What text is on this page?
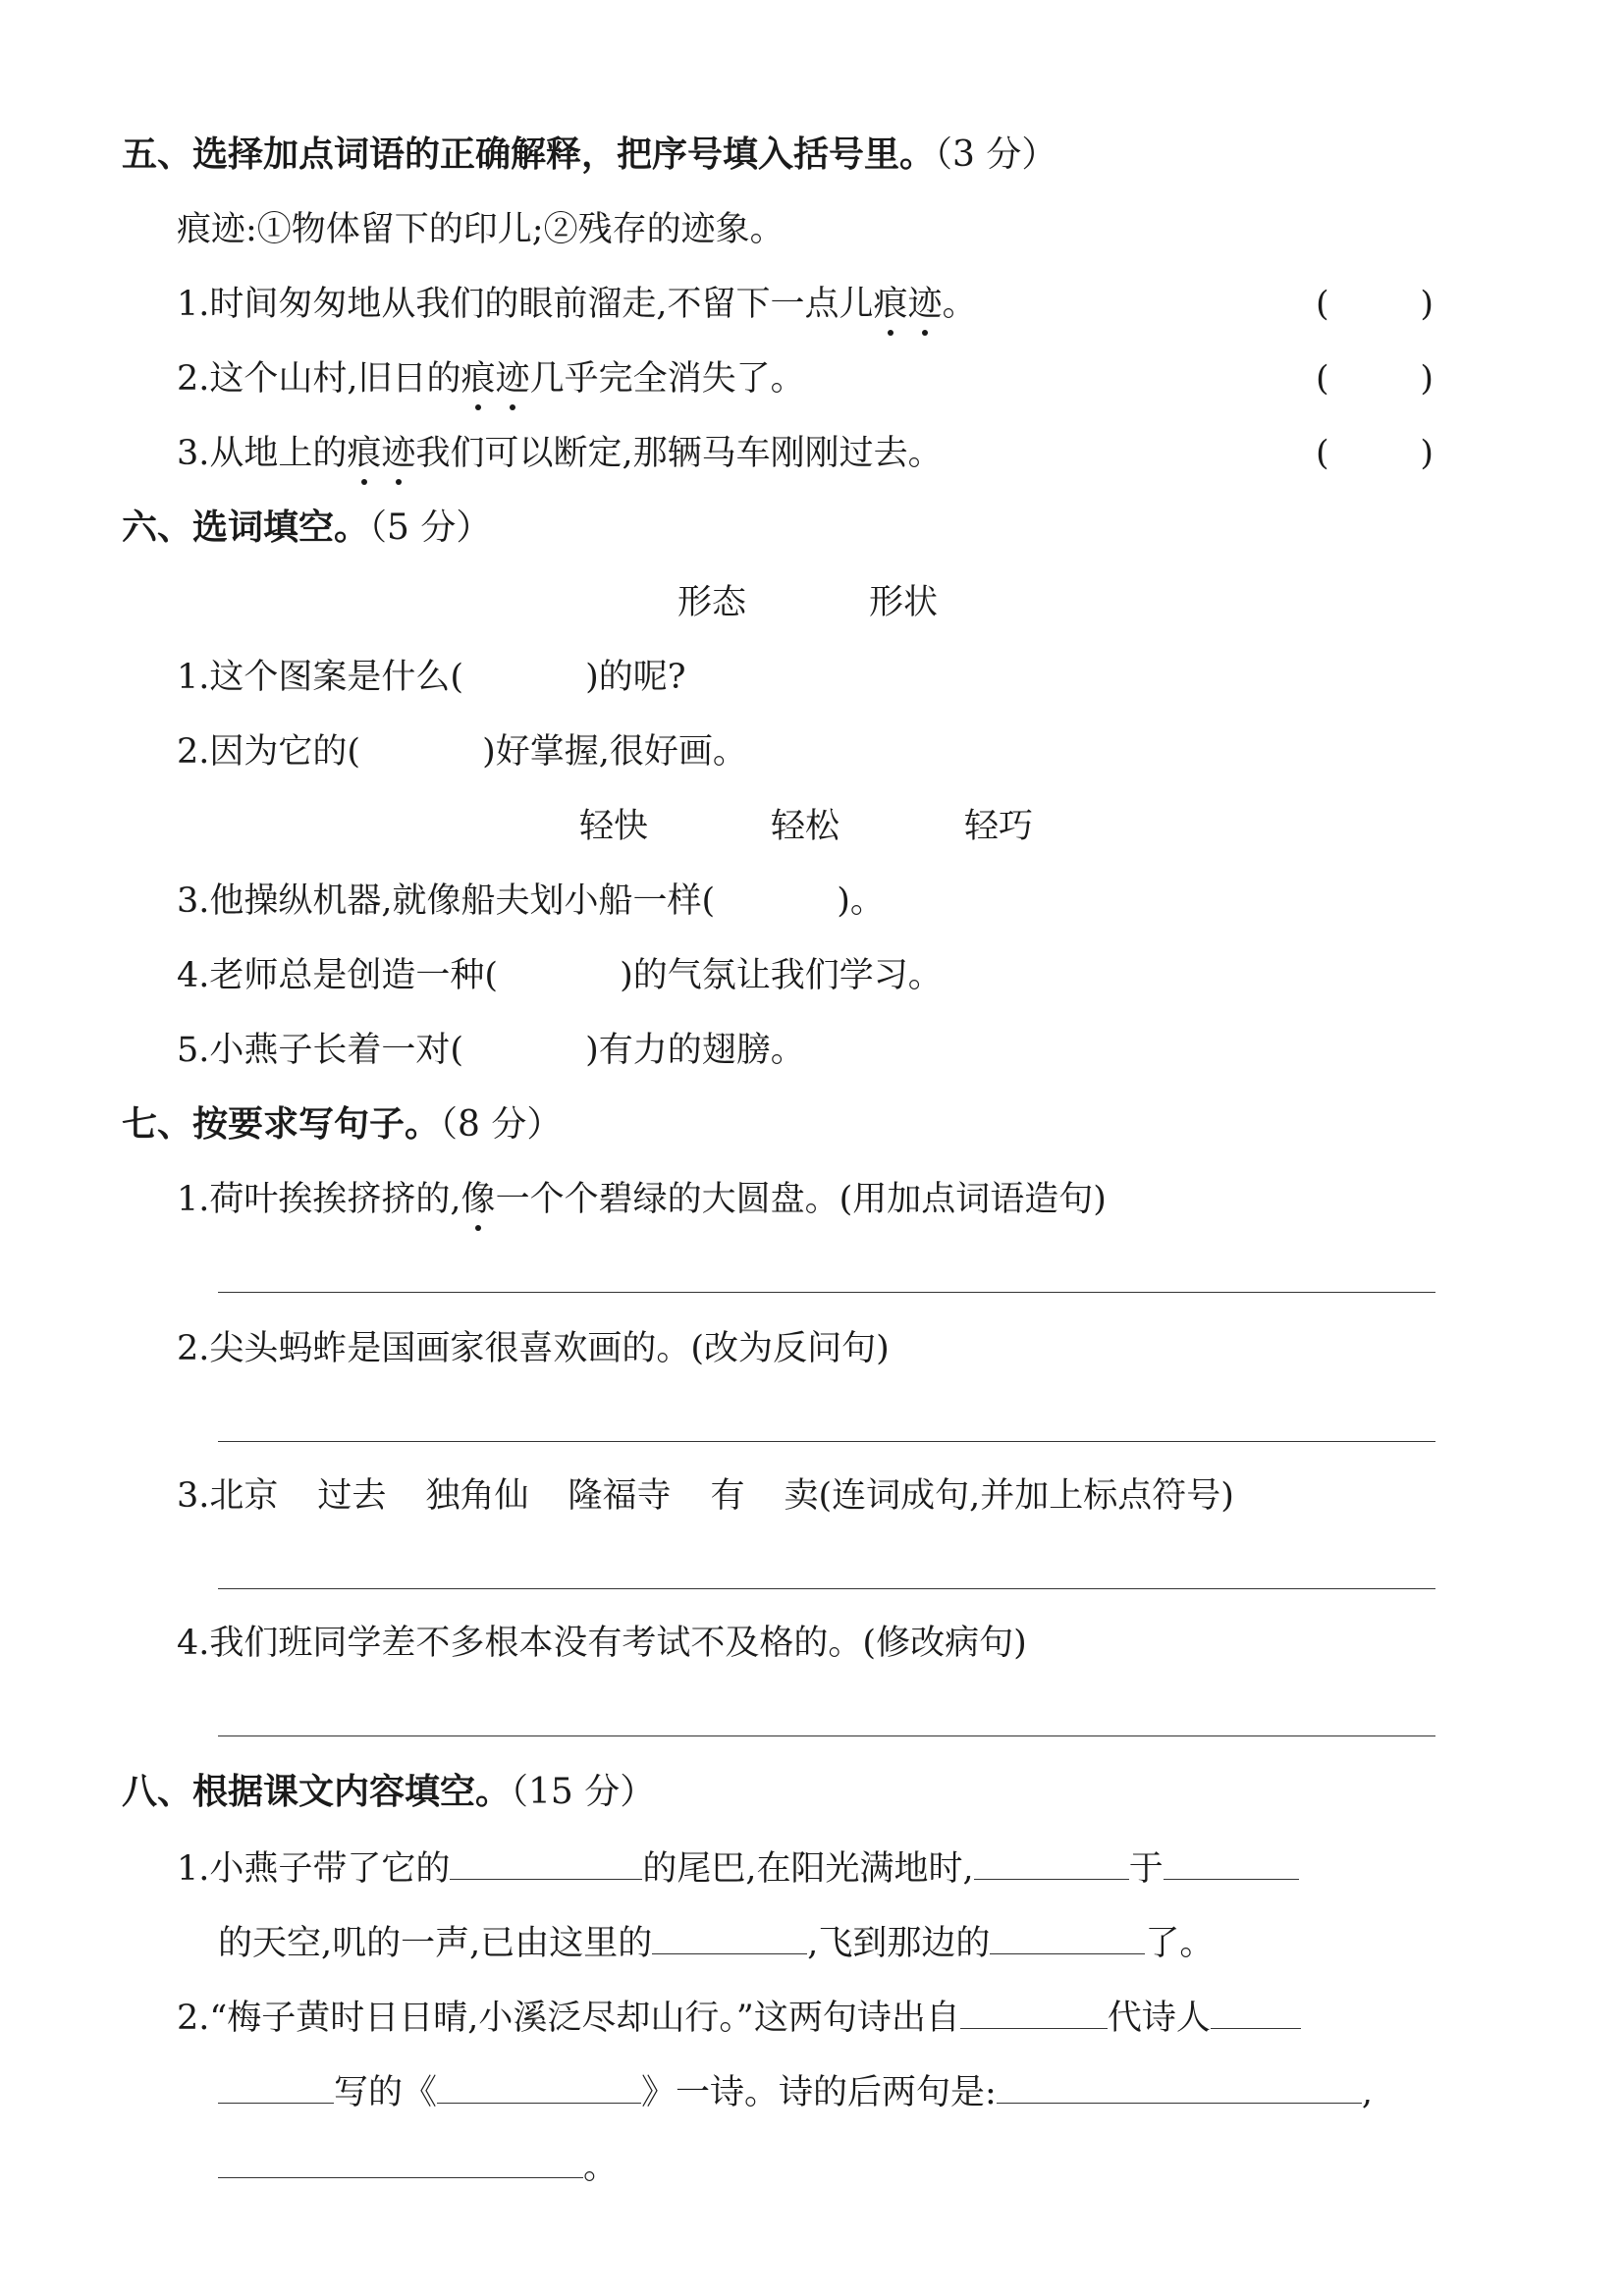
五、选择加点词语的正确解释，把序号填入括号里。（3 分）
痕迹:①物体留下的印儿;②残存的迹象。
1.时间匆匆地从我们的眼前溜走,不留下一点儿痕迹。	(	)
2.这个山村,旧日的痕迹几乎完全消失了。	(	)
3.从地上的痕迹我们可以断定,那辆马车刚刚过去。	(	)
六、选词填空。（5 分）
形态	形状
1.这个图案是什么(	)的呢?
2.因为它的(	)好掌握,很好画。
轻快	轻松	轻巧
3.他操纵机器,就像船夫划小船一样(	)。
4.老师总是创造一种(	)的气氛让我们学习。
5.小燕子长着一对(	)有力的翅膀。
七、按要求写句子。（8 分）
1.荷叶挨挨挤挤的,像一个个碧绿的大圆盘。(用加点词语造句)
2.尖头蚂蚱是国画家很喜欢画的。(改为反问句)
3.北京 过去 独角仙 隆福寺 有 卖(连词成句,并加上标点符号)
4.我们班同学差不多根本没有考试不及格的。(修改病句)
八、根据课文内容填空。（15 分）
1.小燕子带了它的	的尾巴,在阳光满地时,	于
的天空,叽的一声,已由这里的	,飞到那边的	了。
2.“梅子黄时日日晴,小溪泛尽却山行。”这两句诗出自	代诗人
写的《	》一诗。诗的后两句是:	,
。
